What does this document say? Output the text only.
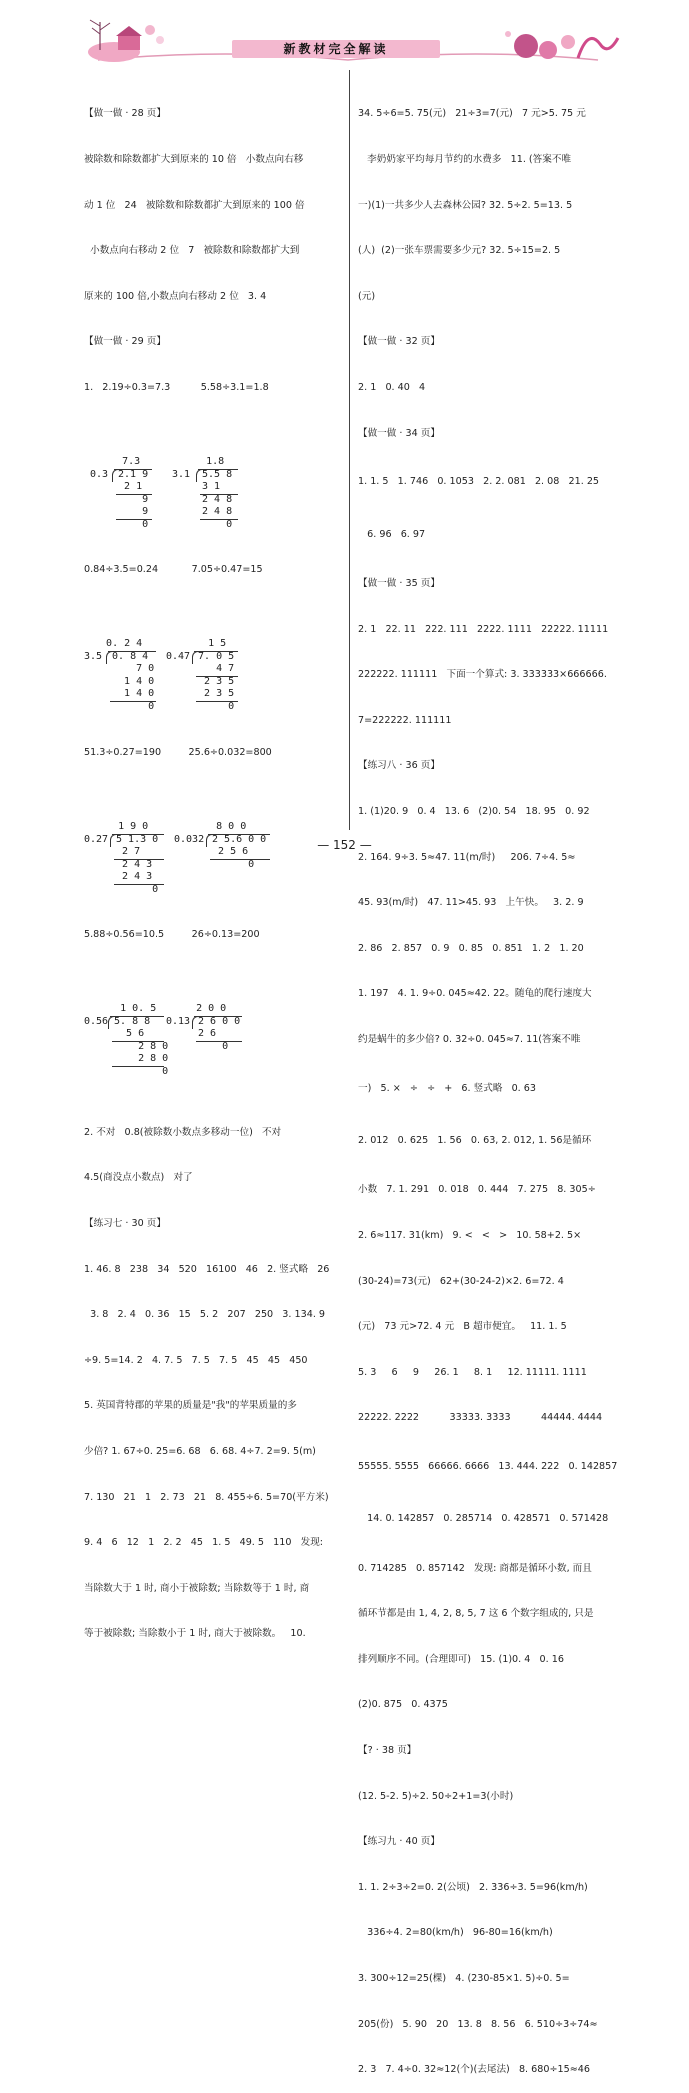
新教材完全解读

【做一做 · 28 页】

被除数和除数都扩大到原来的 10 倍   小数点向右移

动 1 位   24   被除数和除数都扩大到原来的 100 倍

小数点向右移动 2 位   7   被除数和除数都扩大到

原来的 100 倍,小数点向右移动 2 位   3. 4

【做一做 · 29 页】

1.   2.19÷0.3=7.3          5.58÷3.1=1.8

7.3

0.3

2.1 9

2 1

9

9

0

1.8

3.1

5.5 8

3 1

2 4 8

2 4 8

0

0.84÷3.5=0.24           7.05÷0.47=15

0. 2 4

3.5

0. 8 4

7 0

1 4 0

1 4 0

0

1 5

0.47

7. 0 5

4 7

2 3 5

2 3 5

0

51.3÷0.27=190         25.6÷0.032=800

1 9 0

0.27

5 1.3 0

2 7

2 4 3

2 4 3

0

8 0 0

0.032

2 5.6 0 0

2 5 6

0

5.88÷0.56=10.5         26÷0.13=200

1 0. 5

0.56

5. 8 8

5 6

2 8 0

2 8 0

0

2 0 0

0.13

2 6 0 0

2 6

0

2. 不对   0.8(被除数小数点多移动一位)   不对

4.5(商没点小数点)   对了

【练习七 · 30 页】

1. 46. 8   238   34   520   16100   46   2. 竖式略   26

3. 8   2. 4   0. 36   15   5. 2   207   250   3. 134. 9

÷9. 5=14. 2   4. 7. 5   7. 5   7. 5   45   45   450

5. 英国背特郡的苹果的质量是"我"的苹果质量的多

少倍? 1. 67÷0. 25=6. 68   6. 68. 4÷7. 2=9. 5(m)

7. 130   21   1   2. 73   21   8. 455÷6. 5=70(平方米)

9. 4   6   12   1   2. 2   45   1. 5   49. 5   110   发现:

当除数大于 1 时, 商小于被除数; 当除数等于 1 时, 商

等于被除数; 当除数小于 1 时, 商大于被除数。   10.

34. 5÷6=5. 75(元)   21÷3=7(元)   7 元>5. 75 元

李奶奶家平均每月节约的水费多   11. (答案不唯

一)(1)一共多少人去森林公园? 32. 5÷2. 5=13. 5

(人)  (2)一张车票需要多少元? 32. 5÷15=2. 5

(元)

【做一做 · 32 页】

2. 1   0. 40   4

【做一做 · 34 页】

1. 1. 5   1. 746   0. 1053   2. 2. 081   2. 08   21. 25

6. 96   6. 97

【做一做 · 35 页】

2. 1   22. 11   222. 111   2222. 1111   22222. 11111

222222. 111111   下面一个算式: 3. 333333×666666.

7=222222. 111111

【练习八 · 36 页】

1. (1)20. 9   0. 4   13. 6   (2)0. 54   18. 95   0. 92

2. 164. 9÷3. 5≈47. 11(m/时)     206. 7÷4. 5≈

45. 93(m/时)   47. 11>45. 93   上午快。   3. 2. 9

2. 86   2. 857   0. 9   0. 85   0. 851   1. 2   1. 20

1. 197   4. 1. 9÷0. 045≈42. 22。随龟的爬行速度大

约是蜗牛的多少倍? 0. 32÷0. 045≈7. 11(答案不唯

一)   5. ×   ÷   ÷   +   6. 竖式略   0. 63

2. 012   0. 625   1. 56   0. 63, 2. 012, 1. 56是循环

小数   7. 1. 291   0. 018   0. 444   7. 275   8. 305÷

2. 6≈117. 31(km)   9. <   <   >   10. 58+2. 5×

(30-24)=73(元)   62+(30-24-2)×2. 6=72. 4

(元)   73 元>72. 4 元   B 超市便宜。   11. 1. 5

5. 3     6     9     26. 1     8. 1     12. 11111. 1111

22222. 2222          33333. 3333          44444. 4444

55555. 5555   66666. 6666   13. 444. 222   0. 142857

14. 0. 142857   0. 285714   0. 428571   0. 571428

0. 714285   0. 857142   发现: 商都是循环小数, 而且

循环节都是由 1, 4, 2, 8, 5, 7 这 6 个数字组成的, 只是

排列顺序不同。(合理即可)   15. (1)0. 4   0. 16

(2)0. 875   0. 4375

【? · 38 页】

(12. 5-2. 5)÷2. 50÷2+1=3(小时)

【练习九 · 40 页】

1. 1. 2÷3÷2=0. 2(公顷)   2. 336÷3. 5=96(km/h)

336÷4. 2=80(km/h)   96-80=16(km/h)

3. 300÷12=25(棵)   4. (230-85×1. 5)÷0. 5=

205(份)   5. 90   20   13. 8   8. 56   6. 510÷3÷74≈

2. 3   7. 4÷0. 32≈12(个)(去尾法)   8. 680÷15≈46

— 152 —
